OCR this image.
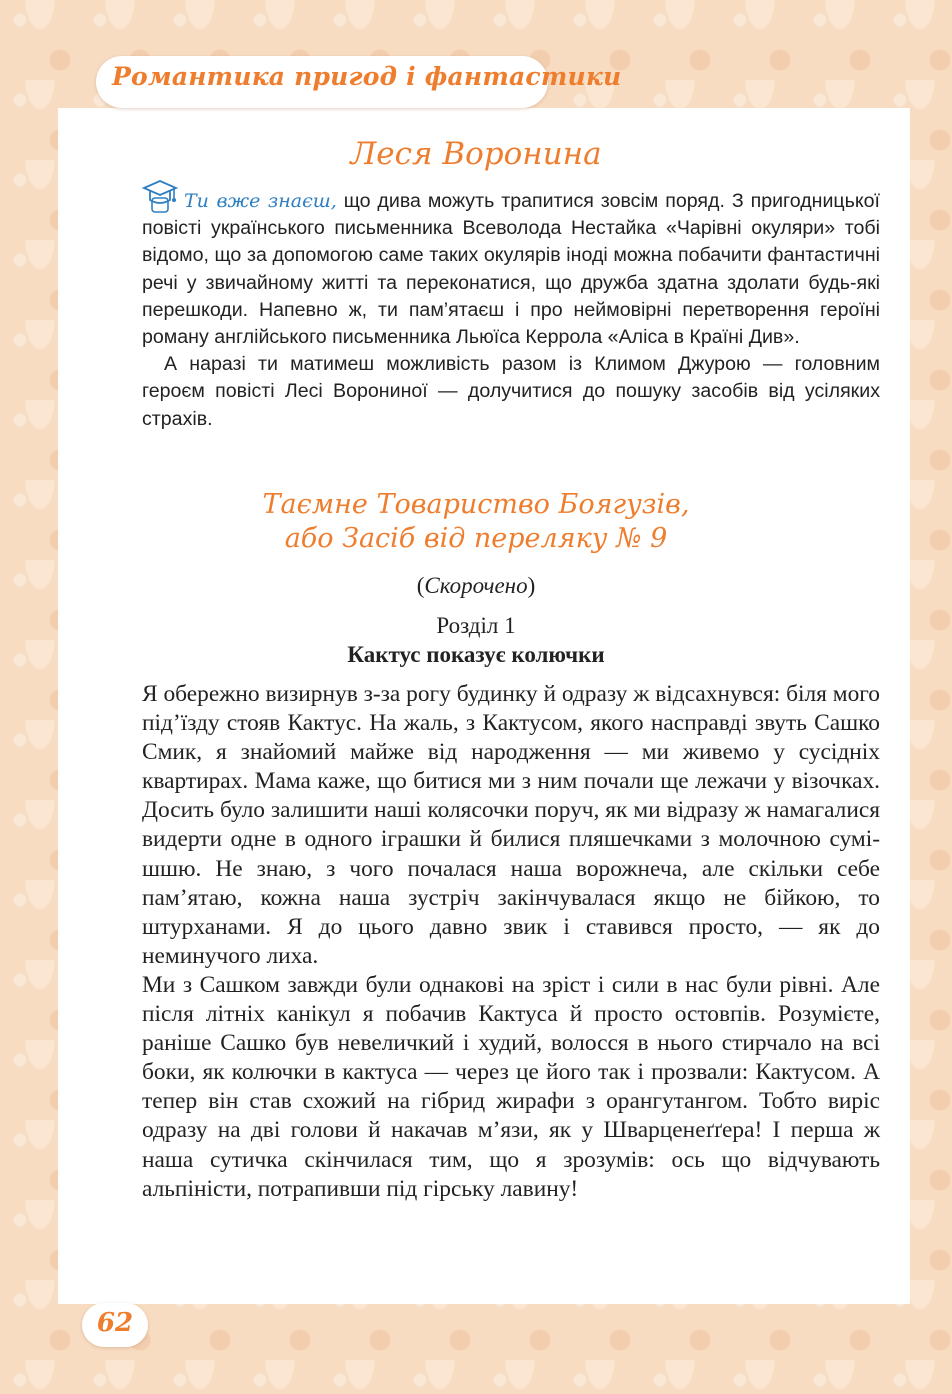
Романтика пригод і фантастики
Леся Воронина

Ти вже знаєш, що дива можуть трапитися зовсім поряд. З пригодницької повісті українського письменника Всеволода Нестайка «Чарівні окуляри» тобі відомо, що за допомогою саме таких окулярів іноді можна побачити фантастичні речі у звичайному житті та переконатися, що дружба здатна здолати будь-які перешкоди. Напевно ж, ти пам’ятаєш і про неймовірні перетворення героїні роману англійського письменника Льюїса Керрола «Аліса в Країні Див».

А наразі ти матимеш можливість разом із Климом Джурою — головним героєм повісті Лесі Ворониної — долучитися до пошуку засобів від усіляких страхів.

Таємне Товариство Боягузів,
або Засіб від переляку № 9
(Скорочено)
Розділ 1
Кактус показує колючки

Я обережно визирнув з-за рогу будинку й одразу ж відсахнувся: біля мого під’їзду стояв Кактус. На жаль, з Кактусом, якого насправді звуть Сашко Смик, я знайомий майже від народження — ми живемо у сусідніх квартирах. Мама каже, що битися ми з ним почали ще лежачи у візочках. Досить було залишити наші колясочки поруч, як ми відразу ж намагалися видерти одне в одного іграшки й билися пляшечками з молочною сумішшю. Не знаю, з чого почалася наша ворожнеча, але скільки себе пам’ятаю, кожна наша зустріч закінчувалася якщо не бійкою, то штурханами. Я до цього давно звик і ставився просто, — як до неминучого лиха.

Ми з Сашком завжди були однакові на зріст і сили в нас були рівні. Але після літніх канікул я побачив Кактуса й просто остовпів. Розумієте, раніше Сашко був невеличкий і худий, волосся в нього стирчало на всі боки, як колючки в кактуса — через це його так і прозвали: Кактусом. А тепер він став схожий на гібрид жирафи з орангутангом. Тобто виріс одразу на дві голови й накачав м’язи, як у Шварценеґґера! І перша ж наша сутичка скінчилася тим, що я зрозумів: ось що відчувають альпіністи, потрапивши під гірську лавину!

62
